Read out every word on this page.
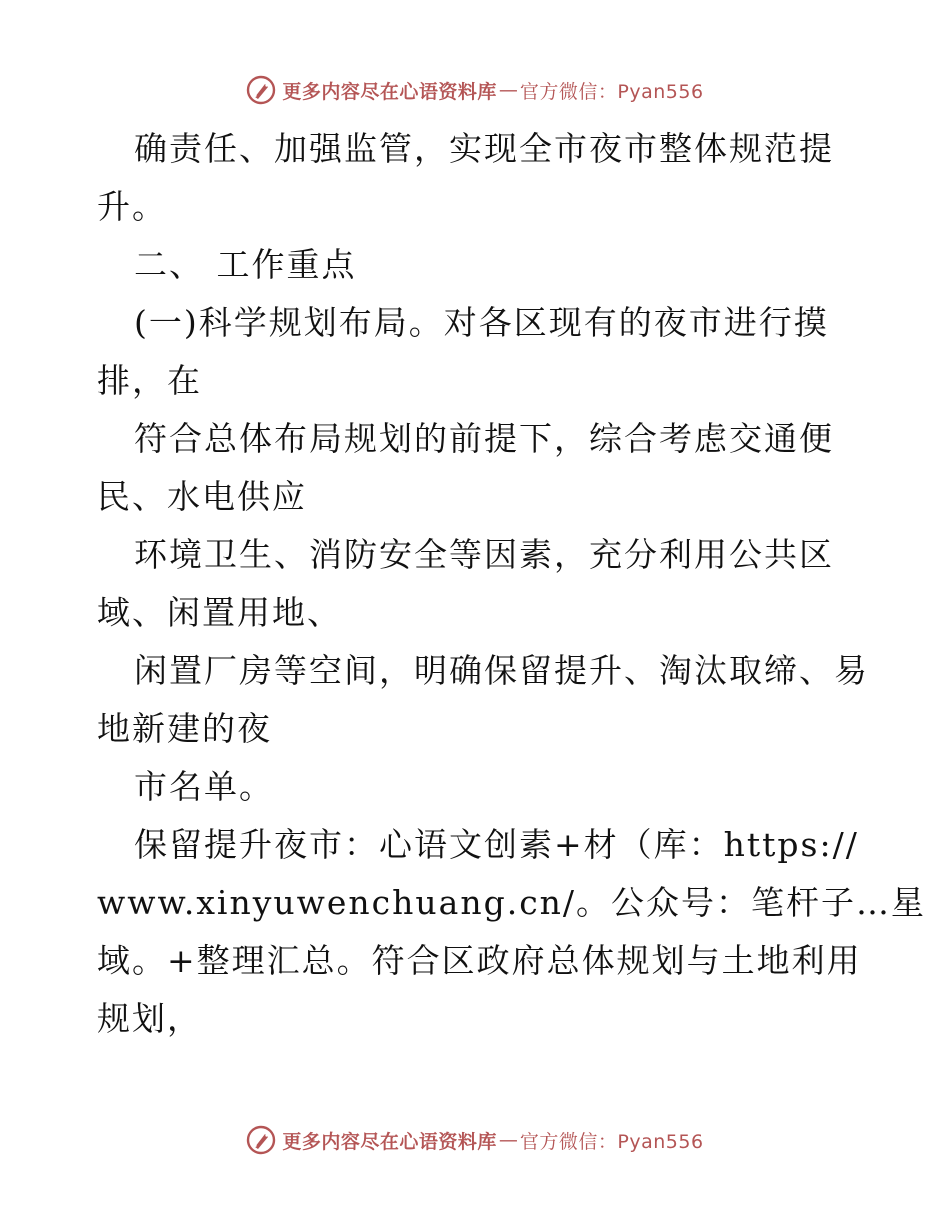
更多内容尽在心语资料库 — 官方微信：Pyan556
确责任、加强监管，实现全市夜市整体规范提
升。
二、 工作重点
(一)科学规划布局。对各区现有的夜市进行摸
排，在
符合总体布局规划的前提下，综合考虑交通便
民、水电供应
环境卫生、消防安全等因素，充分利用公共区
域、闲置用地、
闲置厂房等空间，明确保留提升、淘汰取缔、易
地新建的夜
市名单。
保留提升夜市：心语文创素+材（库：https://
www.xinyuwenchuang.cn/。公众号：笔杆子…星
域。+整理汇总。符合区政府总体规划与土地利用
规划，
更多内容尽在心语资料库 — 官方微信：Pyan556
